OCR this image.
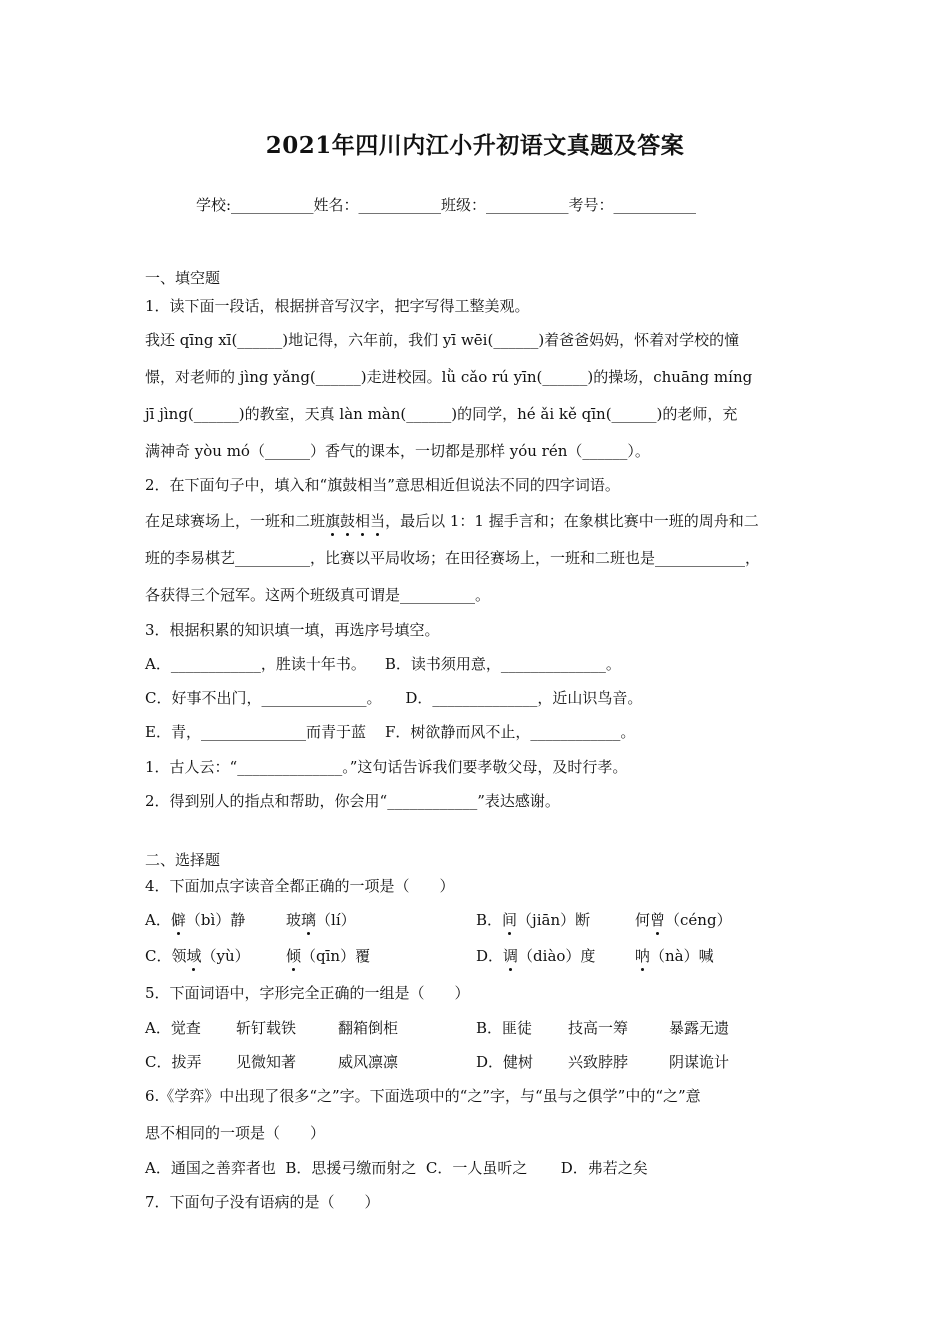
2021年四川内江小升初语文真题及答案
学校:___________姓名：___________班级：___________考号：___________
一、填空题
1．读下面一段话，根据拼音写汉字，把字写得工整美观。
我还 qīng xī(______)地记得，六年前，我们 yī wēi(______)着爸爸妈妈，怀着对学校的憧
憬，对老师的 jìng yǎng(______)走进校园。lǜ cǎo rú yīn(______)的操场，chuāng míng
jī jìng(______)的教室，天真 làn màn(______)的同学，hé ǎi kě qīn(______)的老师，充
满神奇 yòu mó（______）香气的课本，一切都是那样 yóu rén（______）。
2．在下面句子中，填入和“旗鼓相当”意思相近但说法不同的四字词语。
在足球赛场上，一班和二班旗鼓相当，最后以 1：1 握手言和；在象棋比赛中一班的周舟和二
班的李易棋艺__________，比赛以平局收场；在田径赛场上，一班和二班也是____________，
各获得三个冠军。这两个班级真可谓是__________。
3．根据积累的知识填一填，再选序号填空。
A．____________，胜读十年书。    B．读书须用意，______________。
C．好事不出门，______________。     D．______________，近山识鸟音。
E．青，______________而青于蓝    F．树欲静而风不止，____________。
1．古人云：“______________。”这句话告诉我们要孝敬父母，及时行孝。
2．得到别人的指点和帮助，你会用“____________”表达感谢。
二、选择题
4．下面加点字读音全都正确的一项是（　　）
A．僻（bì）静	玻璃（lí）	B．间（jiān）断	何曾（céng）
C．领域（yù） 倾（qīn）覆	D．调（diào）度	呐（nà）喊
5．下面词语中，字形完全正确的一组是（　　）
A．觉查 斩钉载铁	翻箱倒柜	B．匪徒 技高一筹	暴露无遗
C．拔弄 见微知著	威风凛凛	D．健树 兴致脖脖	阴谋诡计
6.《学弈》中出现了很多“之”字。下面选项中的“之”字，与“虽与之俱学”中的“之”意
思不相同的一项是（　　）
A．通国之善弈者也  B．思援弓缴而射之  C．一人虽听之       D．弗若之矣
7．下面句子没有语病的是（　　）
